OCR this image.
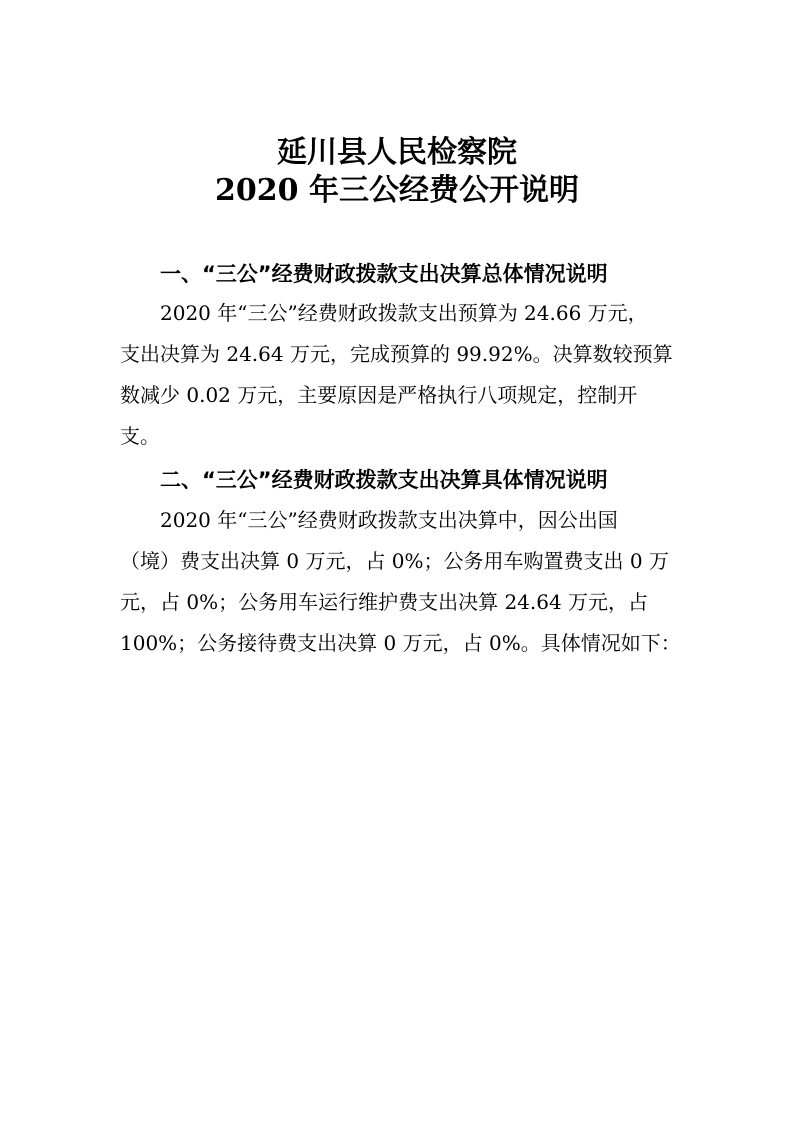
延川县人民检察院
2020 年三公经费公开说明
一、“三公”经费财政拨款支出决算总体情况说明
2020 年“三公”经费财政拨款支出预算为 24.66 万元，
支出决算为 24.64 万元，完成预算的 99.92%。决算数较预算
数减少 0.02 万元，主要原因是严格执行八项规定，控制开
支。
二、“三公”经费财政拨款支出决算具体情况说明
2020 年“三公”经费财政拨款支出决算中，因公出国
（境）费支出决算 0 万元，占 0%；公务用车购置费支出 0 万
元，占 0%；公务用车运行维护费支出决算 24.64 万元，占
100%；公务接待费支出决算 0 万元，占 0%。具体情况如下：
